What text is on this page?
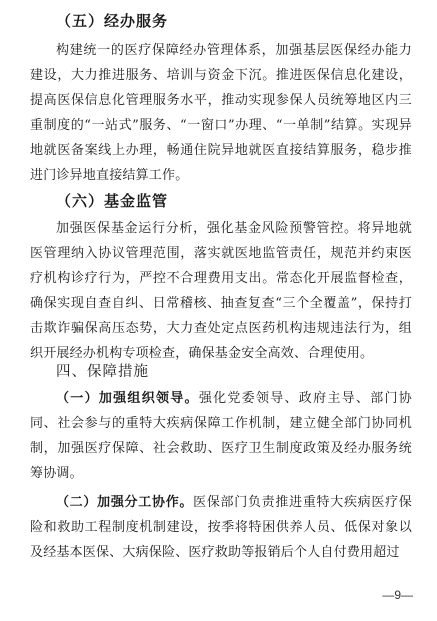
（五）经办服务

构建统一的医疗保障经办管理体系，加强基层医保经办能力建设，大力推进服务、培训与资金下沉。推进医保信息化建设，提高医保信息化管理服务水平，推动实现参保人员统筹地区内三重制度的“一站式”服务、“一窗口”办理、“一单制”结算。实现异地就医备案线上办理，畅通住院异地就医直接结算服务，稳步推进门诊异地直接结算工作。

（六）基金监管

加强医保基金运行分析，强化基金风险预警管控。将异地就医管理纳入协议管理范围，落实就医地监管责任，规范并约束医疗机构诊疗行为，严控不合理费用支出。常态化开展监督检查，确保实现自查自纠、日常稽核、抽查复查“三个全覆盖”，保持打击欺诈骗保高压态势，大力查处定点医药机构违规违法行为，组织开展经办机构专项检查，确保基金安全高效、合理使用。

四、保障措施

（一）加强组织领导。强化党委领导、政府主导、部门协同、社会参与的重特大疾病保障工作机制，建立健全部门协同机制，加强医疗保障、社会救助、医疗卫生制度政策及经办服务统筹协调。

（二）加强分工协作。医保部门负责推进重特大疾病医疗保险和救助工程制度机制建设，按季将特困供养人员、低保对象以及经基本医保、大病保险、医疗救助等报销后个人自付费用超过

—9—
